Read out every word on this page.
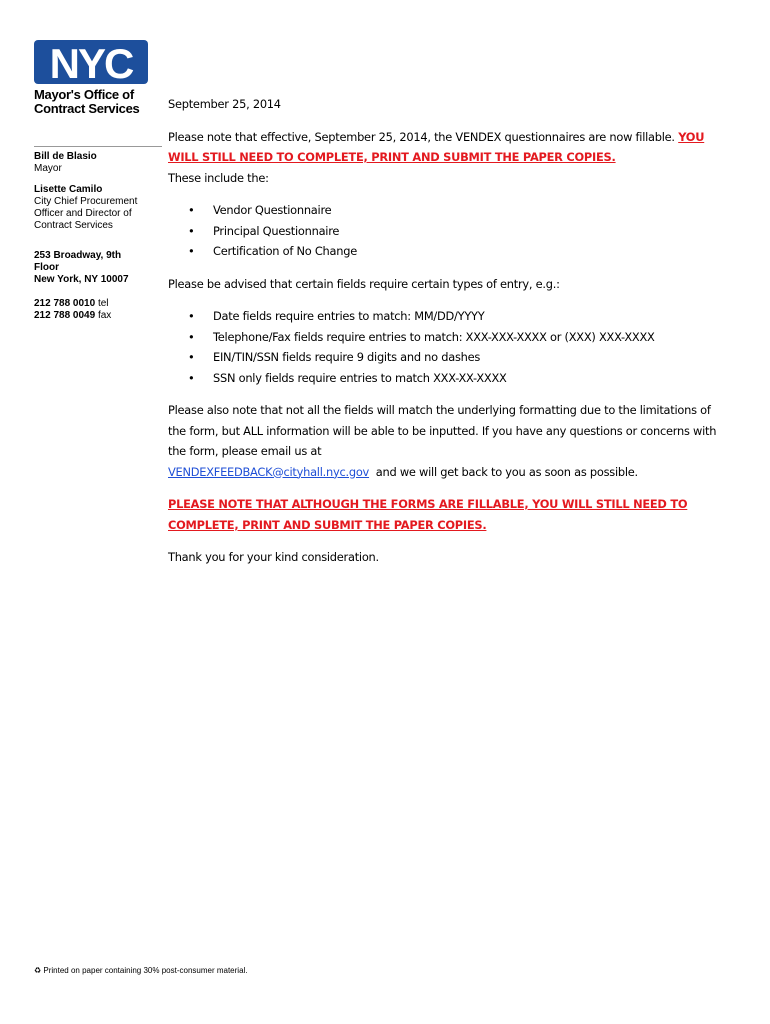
NYC
Mayor's Office of
Contract Services
Bill de Blasio
Mayor
Lisette Camilo
City Chief Procurement
Officer and Director of
Contract Services
253 Broadway, 9th
Floor
New York, NY 10007
212 788 0010 tel
212 788 0049 fax

September 25, 2014

Please note that effective, September 25, 2014, the VENDEX questionnaires are now fillable. YOU WILL STILL NEED TO COMPLETE, PRINT AND SUBMIT THE PAPER COPIES.
These include the:

• Vendor Questionnaire
• Principal Questionnaire
• Certification of No Change

Please be advised that certain fields require certain types of entry, e.g.:

• Date fields require entries to match: MM/DD/YYYY
• Telephone/Fax fields require entries to match: XXX-XXX-XXXX or (XXX) XXX-XXXX
• EIN/TIN/SSN fields require 9 digits and no dashes
• SSN only fields require entries to match XXX-XX-XXXX

Please also note that not all the fields will match the underlying formatting due to the limitations of the form, but ALL information will be able to be inputted. If you have any questions or concerns with the form, please email us at
VENDEXFEEDBACK@cityhall.nyc.gov and we will get back to you as soon as possible.

PLEASE NOTE THAT ALTHOUGH THE FORMS ARE FILLABLE, YOU WILL STILL NEED TO COMPLETE, PRINT AND SUBMIT THE PAPER COPIES.

Thank you for your kind consideration.

♻ Printed on paper containing 30% post-consumer material.
